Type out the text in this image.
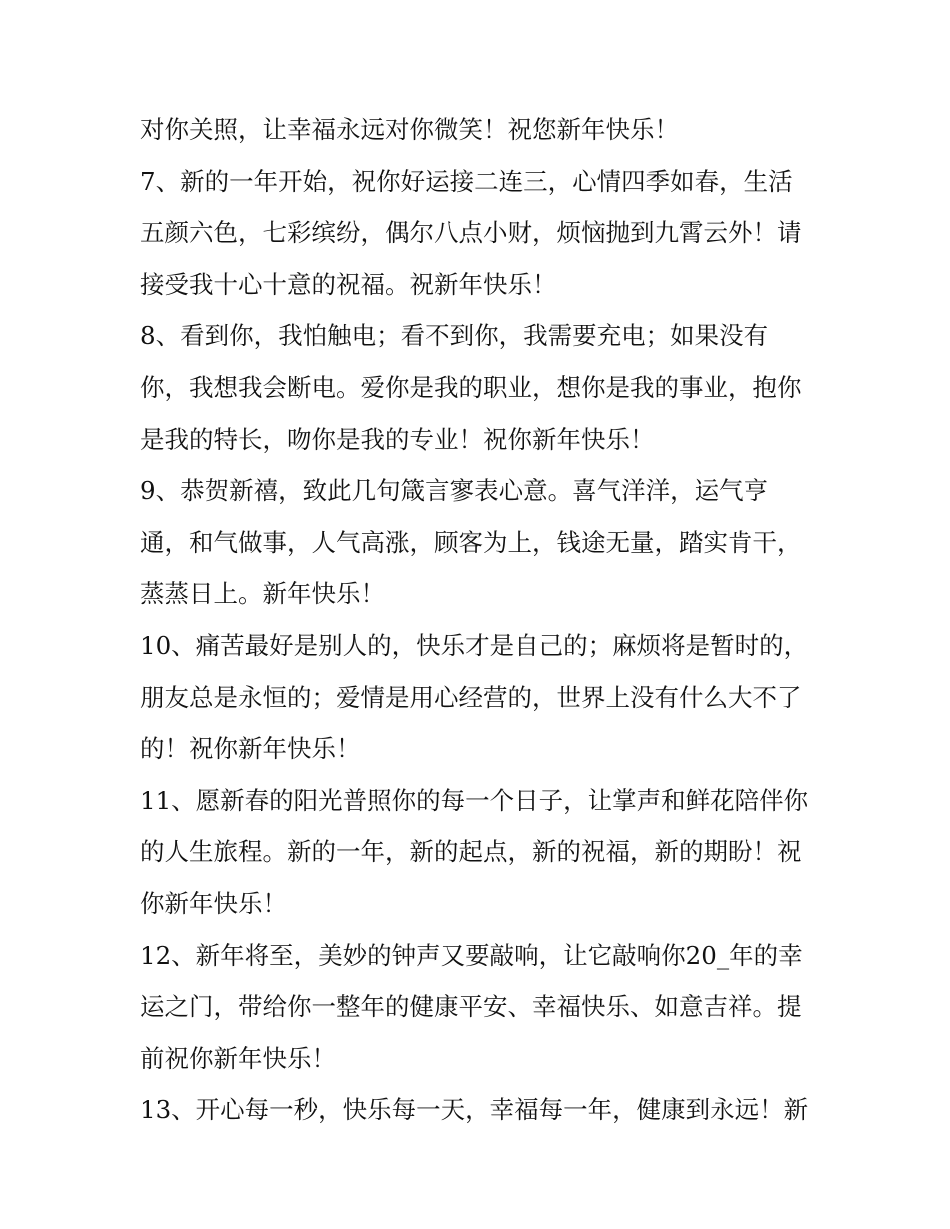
对你关照，让幸福永远对你微笑！祝您新年快乐！
7、新的一年开始，祝你好运接二连三，心情四季如春，生活
五颜六色，七彩缤纷，偶尔八点小财，烦恼抛到九霄云外！请
接受我十心十意的祝福。祝新年快乐！
8、看到你，我怕触电；看不到你，我需要充电；如果没有
你，我想我会断电。爱你是我的职业，想你是我的事业，抱你
是我的特长，吻你是我的专业！祝你新年快乐！
9、恭贺新禧，致此几句箴言寥表心意。喜气洋洋，运气亨
通，和气做事，人气高涨，顾客为上，钱途无量，踏实肯干，
蒸蒸日上。新年快乐！
10、痛苦最好是别人的，快乐才是自己的；麻烦将是暂时的，
朋友总是永恒的；爱情是用心经营的，世界上没有什么大不了
的！祝你新年快乐！
11、愿新春的阳光普照你的每一个日子，让掌声和鲜花陪伴你
的人生旅程。新的一年，新的起点，新的祝福，新的期盼！祝
你新年快乐！
12、新年将至，美妙的钟声又要敲响，让它敲响你20_年的幸
运之门，带给你一整年的健康平安、幸福快乐、如意吉祥。提
前祝你新年快乐！
13、开心每一秒，快乐每一天，幸福每一年，健康到永远！新
